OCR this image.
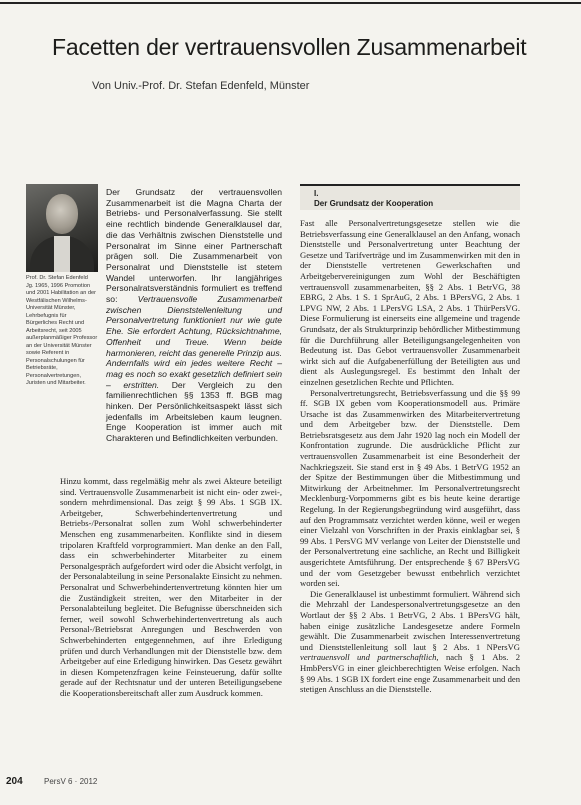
Facetten der vertrauensvollen Zusammenarbeit
Von Univ.-Prof. Dr. Stefan Edenfeld, Münster
Prof. Dr. Stefan Edenfeld
Jg. 1965, 1996 Promotion und 2001 Habilitation an der Westfälischen Wilhelms-Universität Münster, Lehrbefugnis für Bürgerliches Recht und Arbeitsrecht, seit 2005 außerplanmäßiger Professor an der Universität Münster sowie Referent in Personalschulungen für Betriebsräte, Personalvertretungen, Juristen und Mitarbeiter.
Der Grundsatz der vertrauensvollen Zusammenarbeit ist die Magna Charta der Betriebs- und Personalverfassung. Sie stellt eine rechtlich bindende Generalklausel dar, die das Verhältnis zwischen Dienststelle und Personalrat im Sinne einer Partnerschaft prägen soll. Die Zusammenarbeit von Personalrat und Dienststelle ist stetem Wandel unterworfen. Ihr langjähriges Personalratsverständnis formuliert es treffend so: Vertrauensvolle Zusammenarbeit zwischen Dienststellenleitung und Personalvertretung funktioniert nur wie gute Ehe. Sie erfordert Achtung, Rücksichtnahme, Offenheit und Treue. Wenn beide harmonieren, reicht das generelle Prinzip aus. Andernfalls wird ein jedes weitere Recht – mag es noch so exakt gesetzlich definiert sein – erstritten. Der Vergleich zu den familienrechtlichen §§ 1353 ff. BGB mag hinken. Der Persönlichkeitsaspekt lässt sich jedenfalls im Arbeitsleben kaum leugnen. Enge Kooperation ist immer auch mit Charakteren und Befindlichkeiten verbunden.

Hinzu kommt, dass regelmäßig mehr als zwei Akteure beteiligt sind. Vertrauensvolle Zusammenarbeit ist nicht ein- oder zwei-, sondern mehrdimensional. Das zeigt § 99 Abs. 1 SGB IX. Arbeitgeber, Schwerbehindertenvertretung und Betriebs-/Personalrat sollen zum Wohl schwerbehinderter Menschen eng zusammenarbeiten. Konflikte sind in diesem tripolaren Kraftfeld vorprogrammiert. Man denke an den Fall, dass ein schwerbehinderter Mitarbeiter zu einem Personalgespräch aufgefordert wird oder die Absicht verfolgt, in der Personalabteilung in seine Personalakte Einsicht zu nehmen. Personalrat und Schwerbehindertenvertretung könnten hier um die Zuständigkeit streiten, wer den Mitarbeiter in der Personalabteilung begleitet. Die Befugnisse überschneiden sich ferner, weil sowohl Schwerbehindertenvertretung als auch Personal-/Betriebsrat Anregungen und Beschwerden von Schwerbehinderten entgegennehmen, auf ihre Erledigung prüfen und durch Verhandlungen mit der Dienststelle bzw. dem Arbeitgeber auf eine Erledigung hinwirken. Das Gesetz gewährt in diesen Kompetenzfragen keine Feinsteuerung, dafür sollte gerade auf der Rechtsnatur und der unteren Beteiligungsebene die Kooperationsbereitschaft aller zum Ausdruck kommen.

I.
Der Grundsatz der Kooperation

Fast alle Personalvertretungsgesetze stellen wie die Betriebsverfassung eine Generalklausel an den Anfang, wonach Dienststelle und Personalvertretung unter Beachtung der Gesetze und Tarifverträge und im Zusammenwirken mit den in der Dienststelle vertretenen Gewerkschaften und Arbeitgebervereinigungen zum Wohl der Beschäftigten vertrauensvoll zusammenarbeiten, §§ 2 Abs. 1 BetrVG, 38 EBRG, 2 Abs. 1 S. 1 SprAuG, 2 Abs. 1 BPersVG, 2 Abs. 1 LPVG NW, 2 Abs. 1 LPersVG LSA, 2 Abs. 1 ThürPersVG. Diese Formulierung ist einerseits eine allgemeine und tragende Grundsatz, der als Strukturprinzip behördlicher Mitbestimmung für die Durchführung aller Beteiligungsangelegenheiten von Bedeutung ist. Das Gebot vertrauensvoller Zusammenarbeit wirkt sich auf die Aufgabenerfüllung der Beteiligten aus und dient als Auslegungsregel. Es bestimmt den Inhalt der einzelnen gesetzlichen Rechte und Pflichten.

Personalvertretungsrecht, Betriebsverfassung und die §§ 99 ff. SGB IX geben vom Kooperationsmodell aus. Primäre Ursache ist das Zusammenwirken des Mitarbeitervertretung und dem Arbeitgeber bzw. der Dienststelle. Dem Betriebsratsgesetz aus dem Jahr 1920 lag noch ein Modell der Konfrontation zugrunde. Die ausdrückliche Pflicht zur vertrauensvollen Zusammenarbeit ist eine Besonderheit der Nachkriegszeit. Sie stand erst in § 49 Abs. 1 BetrVG 1952 an der Spitze der Bestimmungen über die Mitbestimmung und Mitwirkung der Arbeitnehmer. Im Personalvertretungsrecht Mecklenburg-Vorpommerns gibt es bis heute keine derartige Regelung. In der Regierungsbegründung wird ausgeführt, dass auf den Programmsatz verzichtet werden könne, weil er wegen einer Vielzahl von Vorschriften in der Praxis einklagbar sei, § 99 Abs. 1 PersVG MV verlange von Leiter der Dienststelle und der Personalvertretung eine sachliche, an Recht und Billigkeit ausgerichtete Amtsführung. Der entsprechende § 67 BPersVG und der vom Gesetzgeber bewusst entbehrlich verzichtet worden sei.

Die Generalklausel ist unbestimmt formuliert. Während sich die Mehrzahl der Landespersonalvertretungsgesetze an den Wortlaut der §§ 2 Abs. 1 BetrVG, 2 Abs. 1 BPersVG hält, haben einige zusätzliche Landesgesetze andere Formeln gewählt. Die Zusammenarbeit zwischen Interessenvertretung und Dienststellenleitung soll laut § 2 Abs. 1 NPersVG vertrauensvoll und partnerschaftlich, nach § 1 Abs. 2 HmbPersVG in einer gleichberechtigten Weise erfolgen. Nach § 99 Abs. 1 SGB IX fordert eine enge Zusammenarbeit und den stetigen Anschluss an die Dienststelle.

204	PersV 6 · 2012
